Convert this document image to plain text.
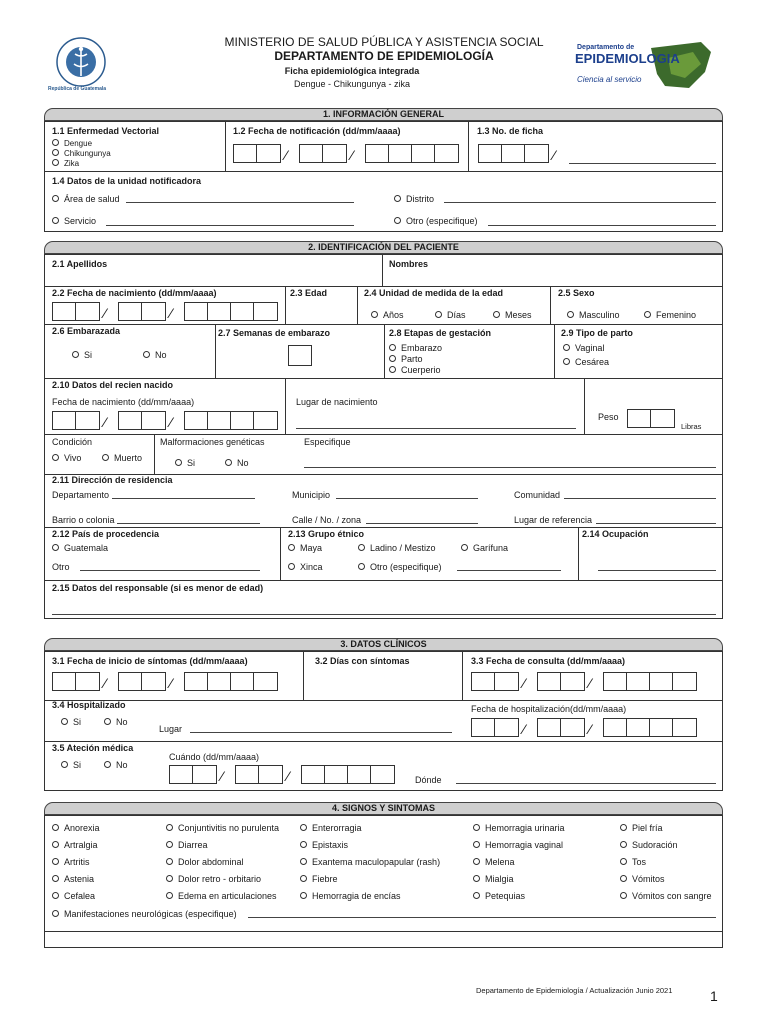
República de Guatemala
MINISTERIO DE SALUD PÚBLICA Y ASISTENCIA SOCIAL
DEPARTAMENTO DE EPIDEMIOLOGÍA
Ficha epidemiológica integrada
Dengue - Chikungunya - zika
Departamento de
EPIDEMIOLOGIA
Ciencia al servicio
1. INFORMACIÓN GENERAL
1.1 Enfermedad Vectorial
Dengue
Chikungunya
Zika
1.2 Fecha de notificación (dd/mm/aaaa)
⁄	⁄
1.3 No. de ficha
⁄
1.4 Datos de la unidad notificadora
Área de salud	Distrito
Servicio	Otro (especifique)
2. IDENTIFICACIÓN DEL PACIENTE
2.1 Apellidos	Nombres
2.2 Fecha de nacimiento (dd/mm/aaaa)
⁄	⁄
2.3 Edad	2.4 Unidad de medida de la edad
Años	Días	Meses
2.5 Sexo
Masculino	Femenino
2.6 Embarazada
Si	No
2.7 Semanas de embarazo	2.8 Etapas de gestación
Embarazo
Parto
Cuerperio
2.9 Tipo de parto
Vaginal
Cesárea
2.10 Datos del recien nacido
Fecha de nacimiento (dd/mm/aaaa)
⁄	⁄
Lugar de nacimiento
Peso
Libras
Condición
Vivo	Muerto
Malformaciones genéticas
Si	No
Especifique
2.11 Dirección de residencia
Departamento	Municipio	Comunidad
Barrio o colonia	Calle / No. / zona	Lugar de referencia
2.12 País de procedencia
Guatemala
Otro
2.13 Grupo étnico
Maya	Ladino / Mestizo	Garífuna
Xinca	Otro (especifique)
2.14 Ocupación
2.15 Datos del responsable (si es menor de edad)
3. DATOS CLÍNICOS
3.1 Fecha de inicio de síntomas (dd/mm/aaaa)
⁄	⁄
3.2 Días con síntomas	3.3 Fecha de consulta (dd/mm/aaaa)
⁄	⁄
3.4 Hospitalizado
Si	No
Lugar
Fecha de hospitalización(dd/mm/aaaa)
⁄	⁄
3.5 Ateción médica
Si	No
Cuándo (dd/mm/aaaa)
⁄	⁄	Dónde
4. SIGNOS Y SINTOMAS
Anorexia
Artralgia
Artritis
Astenia
Cefalea
Conjuntivitis no purulenta
Diarrea
Dolor abdominal
Dolor retro - orbitario
Edema en articulaciones
Enterorragia
Epistaxis
Exantema maculopapular (rash)
Fiebre
Hemorragia de encías
Hemorragia urinaria
Hemorragia vaginal
Melena
Mialgia
Petequias
Piel fría
Sudoración
Tos
Vómitos
Vómitos con sangre
Manifestaciones neurológicas (especifique)
Departamento de Epidemiología / Actualización Junio 2021	1
